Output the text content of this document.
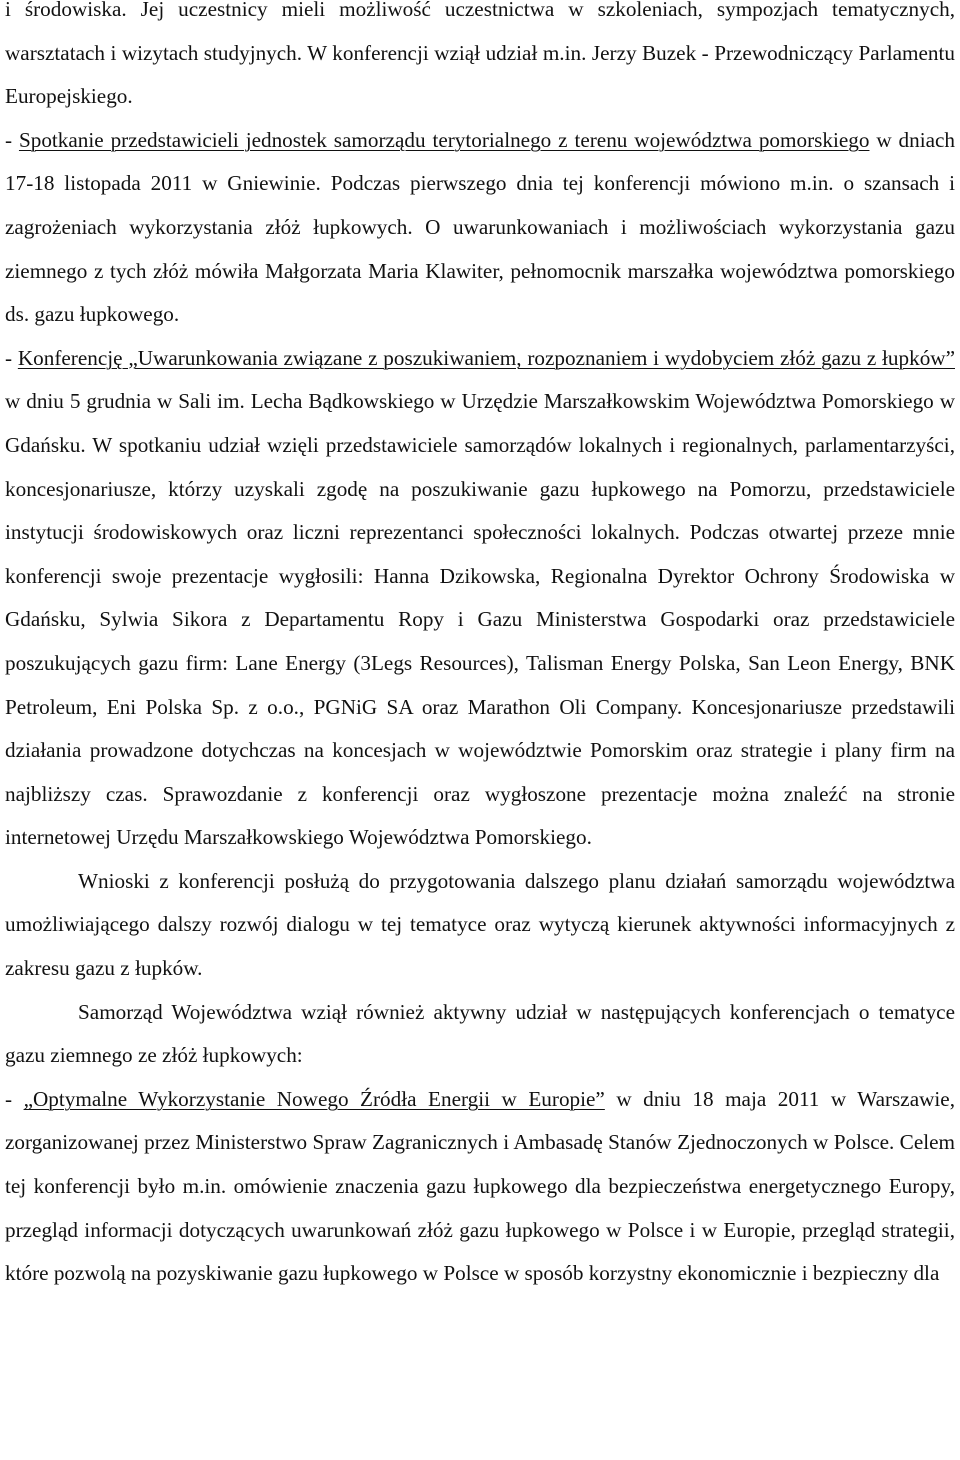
i środowiska. Jej uczestnicy mieli możliwość uczestnictwa w szkoleniach, sympozjach tematycznych, warsztatach i wizytach studyjnych. W konferencji wziął udział m.in. Jerzy Buzek - Przewodniczący Parlamentu Europejskiego.

- Spotkanie przedstawicieli jednostek samorządu terytorialnego z terenu województwa pomorskiego w dniach 17-18 listopada 2011 w Gniewinie. Podczas pierwszego dnia tej konferencji mówiono m.in. o szansach i zagrożeniach wykorzystania złóż łupkowych. O uwarunkowaniach i możliwościach wykorzystania gazu ziemnego z tych złóż mówiła Małgorzata Maria Klawiter, pełnomocnik marszałka województwa pomorskiego ds. gazu łupkowego.

- Konferencję „Uwarunkowania związane z poszukiwaniem, rozpoznaniem i wydobyciem złóż gazu z łupków” w dniu 5 grudnia w Sali im. Lecha Bądkowskiego w Urzędzie Marszałkowskim Województwa Pomorskiego w Gdańsku. W spotkaniu udział wzięli przedstawiciele samorządów lokalnych i regionalnych, parlamentarzyści, koncesjonariusze, którzy uzyskali zgodę na poszukiwanie gazu łupkowego na Pomorzu, przedstawiciele instytucji środowiskowych oraz liczni reprezentanci społeczności lokalnych. Podczas otwartej przeze mnie konferencji swoje prezentacje wygłosili: Hanna Dzikowska, Regionalna Dyrektor Ochrony Środowiska w Gdańsku, Sylwia Sikora z Departamentu Ropy i Gazu Ministerstwa Gospodarki oraz przedstawiciele poszukujących gazu firm: Lane Energy (3Legs Resources), Talisman Energy Polska, San Leon Energy, BNK Petroleum, Eni Polska Sp. z o.o., PGNiG SA oraz Marathon Oli Company. Koncesjonariusze przedstawili działania prowadzone dotychczas na koncesjach w województwie Pomorskim oraz strategie i plany firm na najbliższy czas. Sprawozdanie z konferencji oraz wygłoszone prezentacje można znaleźć na stronie internetowej Urzędu Marszałkowskiego Województwa Pomorskiego.

Wnioski z konferencji posłużą do przygotowania dalszego planu działań samorządu województwa umożliwiającego dalszy rozwój dialogu w tej tematyce oraz wytyczą kierunek aktywności informacyjnych z zakresu gazu z łupków.

Samorząd Województwa wziął również aktywny udział w następujących konferencjach o tematyce gazu ziemnego ze złóż łupkowych:

- „Optymalne Wykorzystanie Nowego Źródła Energii w Europie” w dniu 18 maja 2011 w Warszawie, zorganizowanej przez Ministerstwo Spraw Zagranicznych i Ambasadę Stanów Zjednoczonych w Polsce. Celem tej konferencji było m.in. omówienie znaczenia gazu łupkowego dla bezpieczeństwa energetycznego Europy, przegląd informacji dotyczących uwarunkowań złóż gazu łupkowego w Polsce i w Europie, przegląd strategii, które pozwolą na pozyskiwanie gazu łupkowego w Polsce w sposób korzystny ekonomicznie i bezpieczny dla
